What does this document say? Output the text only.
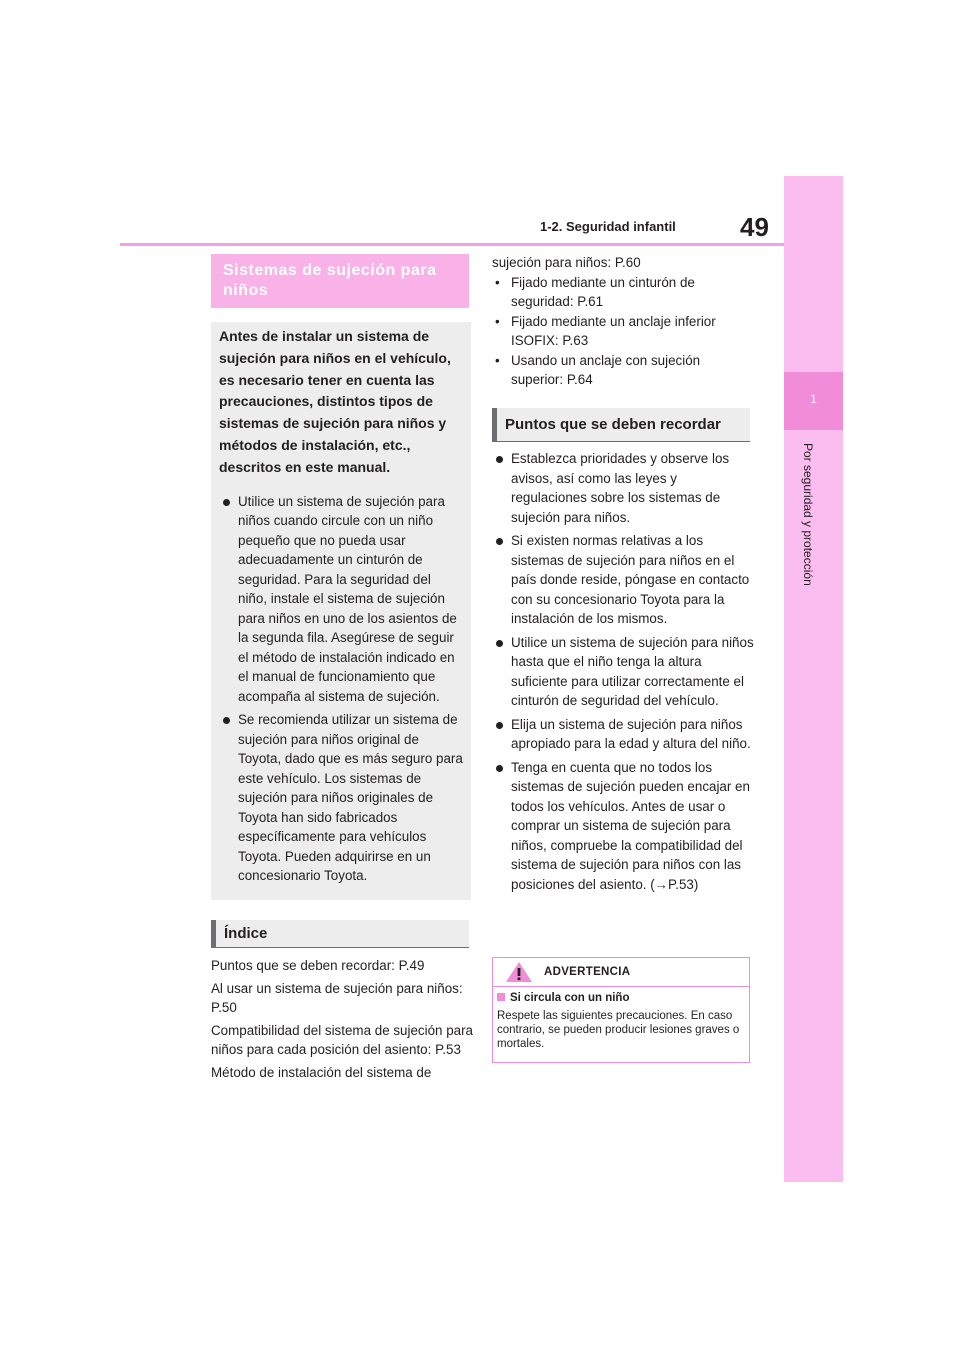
49
1-2. Seguridad infantil
1
Por seguridad y protección
Sistemas de sujeción para niños

Antes de instalar un sistema de sujeción para niños en el vehículo, es necesario tener en cuenta las precauciones, distintos tipos de sistemas de sujeción para niños y métodos de instalación, etc., descritos en este manual.

Utilice un sistema de sujeción para niños cuando circule con un niño pequeño que no pueda usar adecuadamente un cinturón de seguridad. Para la seguridad del niño, instale el sistema de sujeción para niños en uno de los asientos de la segunda fila. Asegúrese de seguir el método de instalación indicado en el manual de funcionamiento que acompaña al sistema de sujeción.
Se recomienda utilizar un sistema de sujeción para niños original de Toyota, dado que es más seguro para este vehículo. Los sistemas de sujeción para niños originales de Toyota han sido fabricados específicamente para vehículos Toyota. Pueden adquirirse en un concesionario Toyota.
Índice

Puntos que se deben recordar: P.49

Al usar un sistema de sujeción para niños: P.50

Compatibilidad del sistema de sujeción para niños para cada posición del asiento: P.53

Método de instalación del sistema de

sujeción para niños: P.60
• Fijado mediante un cinturón de seguridad: P.61
• Fijado mediante un anclaje inferior ISOFIX: P.63
• Usando un anclaje con sujeción superior: P.64
Puntos que se deben recordar
Establezca prioridades y observe los avisos, así como las leyes y regulaciones sobre los sistemas de sujeción para niños.
Si existen normas relativas a los sistemas de sujeción para niños en el país donde reside, póngase en contacto con su concesionario Toyota para la instalación de los mismos.
Utilice un sistema de sujeción para niños hasta que el niño tenga la altura suficiente para utilizar correctamente el cinturón de seguridad del vehículo.
Elija un sistema de sujeción para niños apropiado para la edad y altura del niño.
Tenga en cuenta que no todos los sistemas de sujeción pueden encajar en todos los vehículos. Antes de usar o comprar un sistema de sujeción para niños, compruebe la compatibilidad del sistema de sujeción para niños con las posiciones del asiento. (→P.53)
ADVERTENCIA
Si circula con un niño
Respete las siguientes precauciones. En caso contrario, se pueden producir lesiones graves o mortales.
